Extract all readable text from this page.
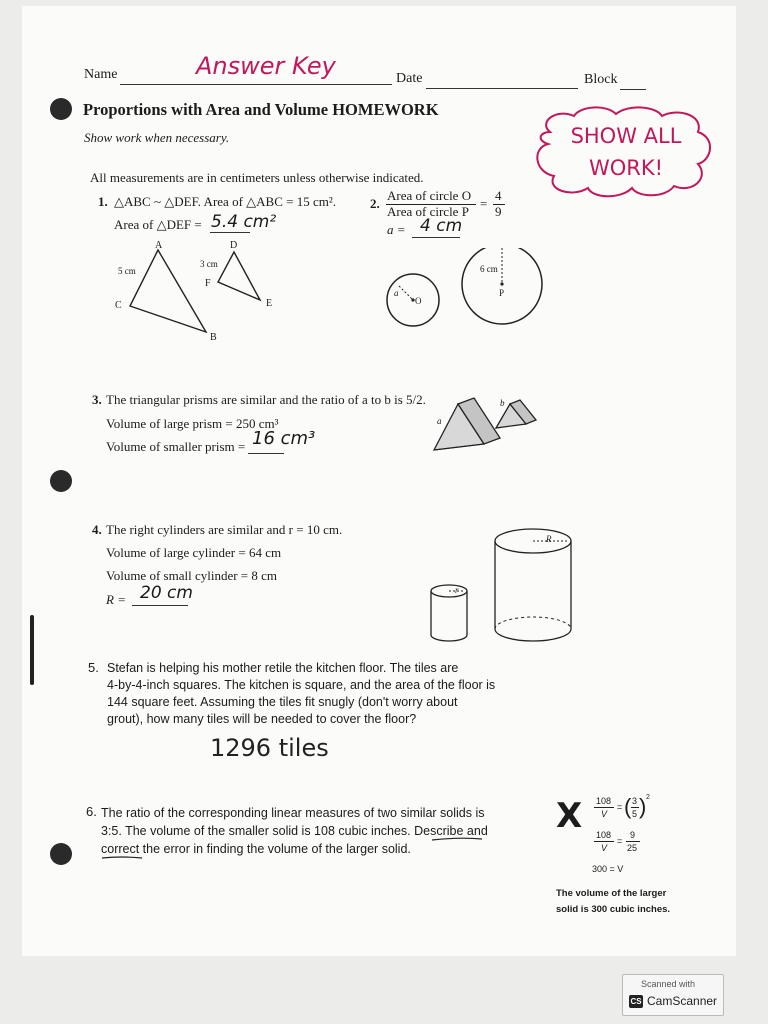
Name	Answer Key	Date	Block
Proportions with Area and Volume HOMEWORK
Show work when necessary.	SHOW ALL WORK!
All measurements are in centimeters unless otherwise indicated.
1. △ABC ~ △DEF. Area of △ABC = 15 cm².
Area of △DEF = 5.4 cm²
A	D
C
B
F
E
5 cm
3 cm
2.
Area of circle O
Area of circle P
=
4
9
a = 4 cm
a
O
6 cm
P
3. The triangular prisms are similar and the ratio of a to b is 5/2.
Volume of large prism = 250 cm³
Volume of smaller prism = 16 cm³
a
b
4. The right cylinders are similar and r = 10 cm.
Volume of large cylinder = 64 cm
Volume of small cylinder = 8 cm
R = 20 cm
R
r
5. Stefan is helping his mother retile the kitchen floor. The tiles are
4-by-4-inch squares. The kitchen is square, and the area of the floor is
144 square feet. Assuming the tiles fit snugly (don't worry about
grout), how many tiles will be needed to cover the floor?
1296 tiles
6. The ratio of the corresponding linear measures of two similar solids is
3:5. The volume of the smaller solid is 108 cubic inches. Describe and
correct the error in finding the volume of the larger solid.
X 108
V
= ( 3
5 ) 2
108
V
=
9
25
300 = V
The volume of the larger
solid is 300 cubic inches.
Scanned with
CS CamScanner
